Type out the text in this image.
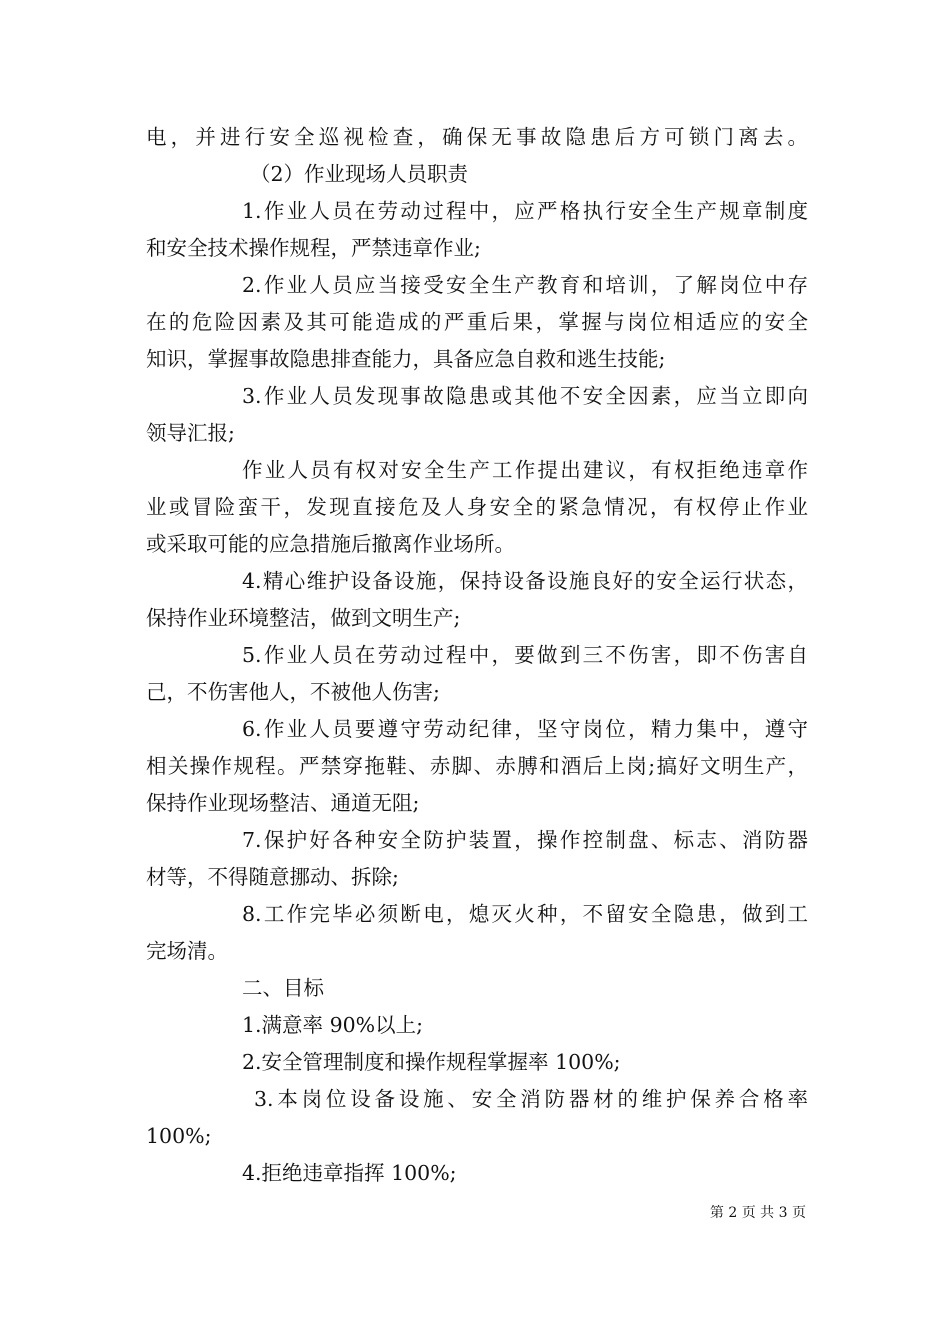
电，并进行安全巡视检查，确保无事故隐患后方可锁门离去。
（2）作业现场人员职责
1.作业人员在劳动过程中，应严格执行安全生产规章制度
和安全技术操作规程，严禁违章作业;
2.作业人员应当接受安全生产教育和培训，了解岗位中存
在的危险因素及其可能造成的严重后果，掌握与岗位相适应的安全
知识，掌握事故隐患排查能力，具备应急自救和逃生技能;
3.作业人员发现事故隐患或其他不安全因素，应当立即向
领导汇报;
作业人员有权对安全生产工作提出建议，有权拒绝违章作
业或冒险蛮干，发现直接危及人身安全的紧急情况，有权停止作业
或采取可能的应急措施后撤离作业场所。
4.精心维护设备设施，保持设备设施良好的安全运行状态，
保持作业环境整洁，做到文明生产;
5.作业人员在劳动过程中，要做到三不伤害，即不伤害自
己，不伤害他人，不被他人伤害;
6.作业人员要遵守劳动纪律，坚守岗位，精力集中，遵守
相关操作规程。严禁穿拖鞋、赤脚、赤膊和酒后上岗;搞好文明生产，
保持作业现场整洁、通道无阻;
7.保护好各种安全防护装置，操作控制盘、标志、消防器
材等，不得随意挪动、拆除;
8.工作完毕必须断电，熄灭火种，不留安全隐患，做到工
完场清。
二、目标
1.满意率 90%以上;
2.安全管理制度和操作规程掌握率 100%;
3.本岗位设备设施、安全消防器材的维护保养合格率
100%;
4.拒绝违章指挥 100%;
第 2 页 共 3 页
